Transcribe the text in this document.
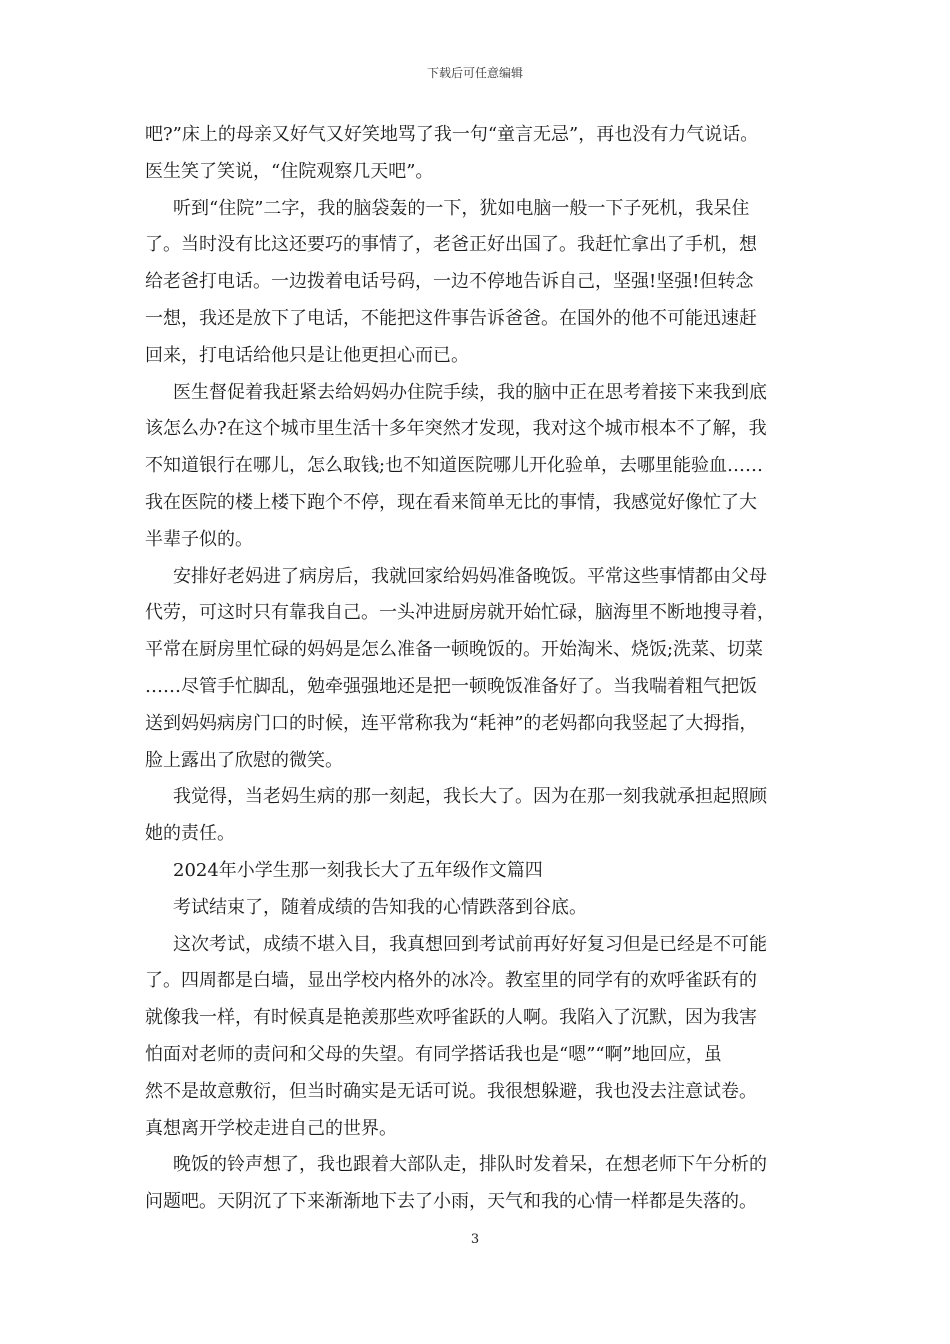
下载后可任意编辑
吧?”床上的母亲又好气又好笑地骂了我一句“童言无忌”，再也没有力气说话。
医生笑了笑说，“住院观察几天吧”。
听到“住院”二字，我的脑袋轰的一下，犹如电脑一般一下子死机，我呆住
了。当时没有比这还要巧的事情了，老爸正好出国了。我赶忙拿出了手机，想
给老爸打电话。一边拨着电话号码，一边不停地告诉自己，坚强!坚强!但转念
一想，我还是放下了电话，不能把这件事告诉爸爸。在国外的他不可能迅速赶
回来，打电话给他只是让他更担心而已。
医生督促着我赶紧去给妈妈办住院手续，我的脑中正在思考着接下来我到底
该怎么办?在这个城市里生活十多年突然才发现，我对这个城市根本不了解，我
不知道银行在哪儿，怎么取钱;也不知道医院哪儿开化验单，去哪里能验血……
我在医院的楼上楼下跑个不停，现在看来简单无比的事情，我感觉好像忙了大
半辈子似的。
安排好老妈进了病房后，我就回家给妈妈准备晚饭。平常这些事情都由父母
代劳，可这时只有靠我自己。一头冲进厨房就开始忙碌，脑海里不断地搜寻着，
平常在厨房里忙碌的妈妈是怎么准备一顿晚饭的。开始淘米、烧饭;洗菜、切菜
……尽管手忙脚乱，勉牵强强地还是把一顿晚饭准备好了。当我喘着粗气把饭
送到妈妈病房门口的时候，连平常称我为“耗神”的老妈都向我竖起了大拇指，
脸上露出了欣慰的微笑。
我觉得，当老妈生病的那一刻起，我长大了。因为在那一刻我就承担起照顾
她的责任。
2024年小学生那一刻我长大了五年级作文篇四
考试结束了，随着成绩的告知我的心情跌落到谷底。
这次考试，成绩不堪入目，我真想回到考试前再好好复习但是已经是不可能
了。四周都是白墙，显出学校内格外的冰冷。教室里的同学有的欢呼雀跃有的
就像我一样，有时候真是艳羡那些欢呼雀跃的人啊。我陷入了沉默，因为我害
怕面对老师的责问和父母的失望。有同学搭话我也是“嗯”“啊”地回应，虽
然不是故意敷衍，但当时确实是无话可说。我很想躲避，我也没去注意试卷。
真想离开学校走进自己的世界。
晚饭的铃声想了，我也跟着大部队走，排队时发着呆，在想老师下午分析的
问题吧。天阴沉了下来渐渐地下去了小雨，天气和我的心情一样都是失落的。
3
